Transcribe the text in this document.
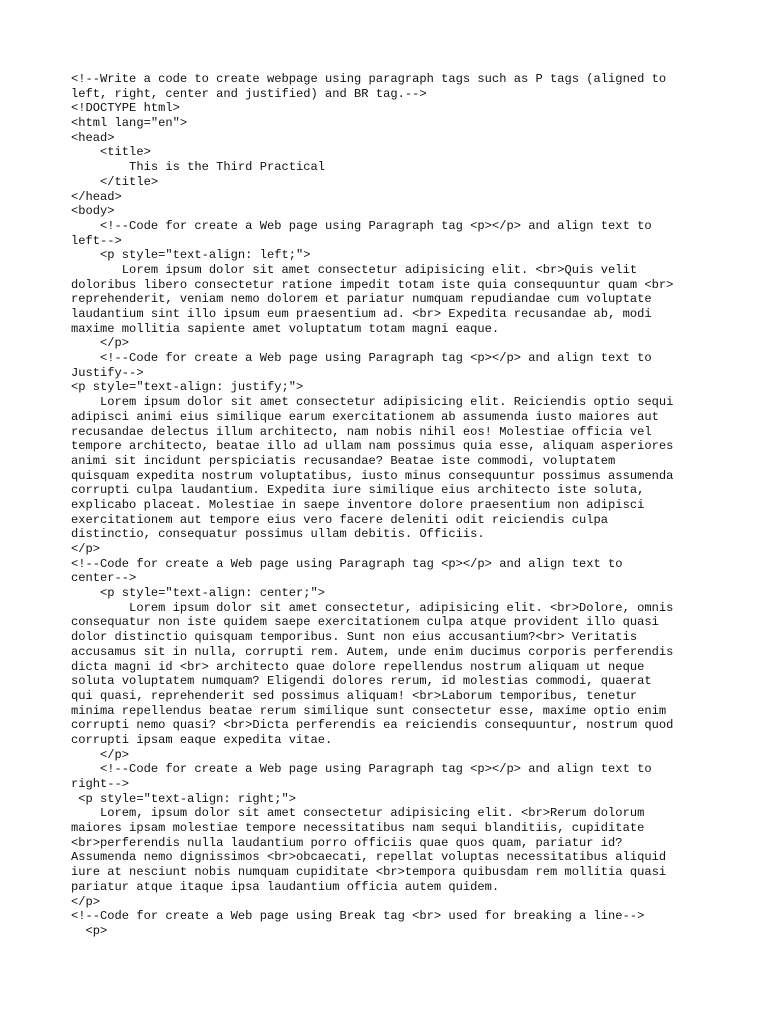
<!--Write a code to create webpage using paragraph tags such as P tags (aligned to
left, right, center and justified) and BR tag.-->
<!DOCTYPE html>
<html lang="en">
<head>
<title>
This is the Third Practical
</title>
</head>
<body>
<!--Code for create a Web page using Paragraph tag <p></p> and align text to
left-->
<p style="text-align: left;">
Lorem ipsum dolor sit amet consectetur adipisicing elit. <br>Quis velit
doloribus libero consectetur ratione impedit totam iste quia consequuntur quam <br>
reprehenderit, veniam nemo dolorem et pariatur numquam repudiandae cum voluptate
laudantium sint illo ipsum eum praesentium ad. <br> Expedita recusandae ab, modi
maxime mollitia sapiente amet voluptatum totam magni eaque.
</p>
<!--Code for create a Web page using Paragraph tag <p></p> and align text to
Justify-->
<p style="text-align: justify;">
Lorem ipsum dolor sit amet consectetur adipisicing elit. Reiciendis optio sequi
adipisci animi eius similique earum exercitationem ab assumenda iusto maiores aut
recusandae delectus illum architecto, nam nobis nihil eos! Molestiae officia vel
tempore architecto, beatae illo ad ullam nam possimus quia esse, aliquam asperiores
animi sit incidunt perspiciatis recusandae? Beatae iste commodi, voluptatem
quisquam expedita nostrum voluptatibus, iusto minus consequuntur possimus assumenda
corrupti culpa laudantium. Expedita iure similique eius architecto iste soluta,
explicabo placeat. Molestiae in saepe inventore dolore praesentium non adipisci
exercitationem aut tempore eius vero facere deleniti odit reiciendis culpa
distinctio, consequatur possimus ullam debitis. Officiis.
</p>
<!--Code for create a Web page using Paragraph tag <p></p> and align text to
center-->
<p style="text-align: center;">
Lorem ipsum dolor sit amet consectetur, adipisicing elit. <br>Dolore, omnis
consequatur non iste quidem saepe exercitationem culpa atque provident illo quasi
dolor distinctio quisquam temporibus. Sunt non eius accusantium?<br> Veritatis
accusamus sit in nulla, corrupti rem. Autem, unde enim ducimus corporis perferendis
dicta magni id <br> architecto quae dolore repellendus nostrum aliquam ut neque
soluta voluptatem numquam? Eligendi dolores rerum, id molestias commodi, quaerat
qui quasi, reprehenderit sed possimus aliquam! <br>Laborum temporibus, tenetur
minima repellendus beatae rerum similique sunt consectetur esse, maxime optio enim
corrupti nemo quasi? <br>Dicta perferendis ea reiciendis consequuntur, nostrum quod
corrupti ipsam eaque expedita vitae.
</p>
<!--Code for create a Web page using Paragraph tag <p></p> and align text to
right-->
<p style="text-align: right;">
Lorem, ipsum dolor sit amet consectetur adipisicing elit. <br>Rerum dolorum
maiores ipsam molestiae tempore necessitatibus nam sequi blanditiis, cupiditate
<br>perferendis nulla laudantium porro officiis quae quos quam, pariatur id?
Assumenda nemo dignissimos <br>obcaecati, repellat voluptas necessitatibus aliquid
iure at nesciunt nobis numquam cupiditate <br>tempora quibusdam rem mollitia quasi
pariatur atque itaque ipsa laudantium officia autem quidem.
</p>
<!--Code for create a Web page using Break tag <br> used for breaking a line-->
<p>
